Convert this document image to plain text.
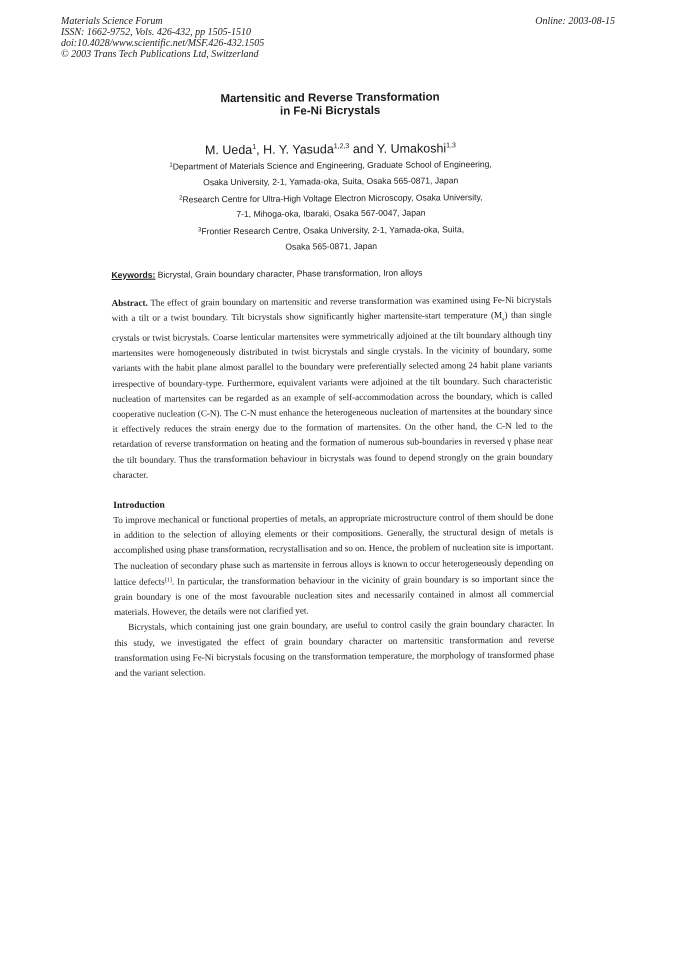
Materials Science Forum
ISSN: 1662-9752, Vols. 426-432, pp 1505-1510
doi:10.4028/www.scientific.net/MSF.426-432.1505
© 2003 Trans Tech Publications Ltd, Switzerland
Online: 2003-08-15
Martensitic and Reverse Transformation
in Fe-Ni Bicrystals
M. Ueda$^1$, H. Y. Yasuda$^{1,2,3}$ and Y. Umakoshi$^{1,3}$
$^1$Department of Materials Science and Engineering, Graduate School of Engineering,
Osaka University, 2-1, Yamada-oka, Suita, Osaka 565-0871, Japan
$^2$Research Centre for Ultra-High Voltage Electron Microscopy, Osaka University,
7-1, Mihoga-oka, Ibaraki, Osaka 567-0047, Japan
$^3$Frontier Research Centre, Osaka University, 2-1, Yamada-oka, Suita,
Osaka 565-0871, Japan
Keywords: Bicrystal, Grain boundary character, Phase transformation, Iron alloys

Abstract. The effect of grain boundary on martensitic and reverse transformation was examined using Fe-Ni bicrystals with a tilt or a twist boundary. Tilt bicrystals show significantly higher martensite-start temperature $(M_s)$ than single crystals or twist bicrystals. Coarse lenticular martensites were symmetrically adjoined at the tilt boundary although tiny martensites were homogeneously distributed in twist bicrystals and single crystals. In the vicinity of boundary, some variants with the habit plane almost parallel to the boundary were preferentially selected among 24 habit plane variants irrespective of boundary-type. Furthermore, equivalent variants were adjoined at the tilt boundary. Such characteristic nucleation of martensites can be regarded as an example of self-accommodation across the boundary, which is called cooperative nucleation (C-N). The C-N must enhance the heterogeneous nucleation of martensites at the boundary since it effectively reduces the strain energy due to the formation of martensites. On the other hand, the C-N led to the retardation of reverse transformation on heating and the formation of numerous sub-boundaries in reversed γ phase near the tilt boundary. Thus the transformation behaviour in bicrystals was found to depend strongly on the grain boundary character.

Introduction

To improve mechanical or functional properties of metals, an appropriate microstructure control of them should be done in addition to the selection of alloying elements or their compositions. Generally, the structural design of metals is accomplished using phase transformation, recrystallisation and so on. Hence, the problem of nucleation site is important. The nucleation of secondary phase such as martensite in ferrous alloys is known to occur heterogeneously depending on lattice defects[1]. In particular, the transformation behaviour in the vicinity of grain boundary is so important since the grain boundary is one of the most favourable nucleation sites and necessarily contained in almost all commercial materials. However, the details were not clarified yet.

Bicrystals, which containing just one grain boundary, are useful to control casily the grain boundary character. In this study, we investigated the effect of grain boundary character on martensitic transformation and reverse transformation using Fe-Ni bicrystals focusing on the transformation temperature, the morphology of transformed phase and the variant selection.
